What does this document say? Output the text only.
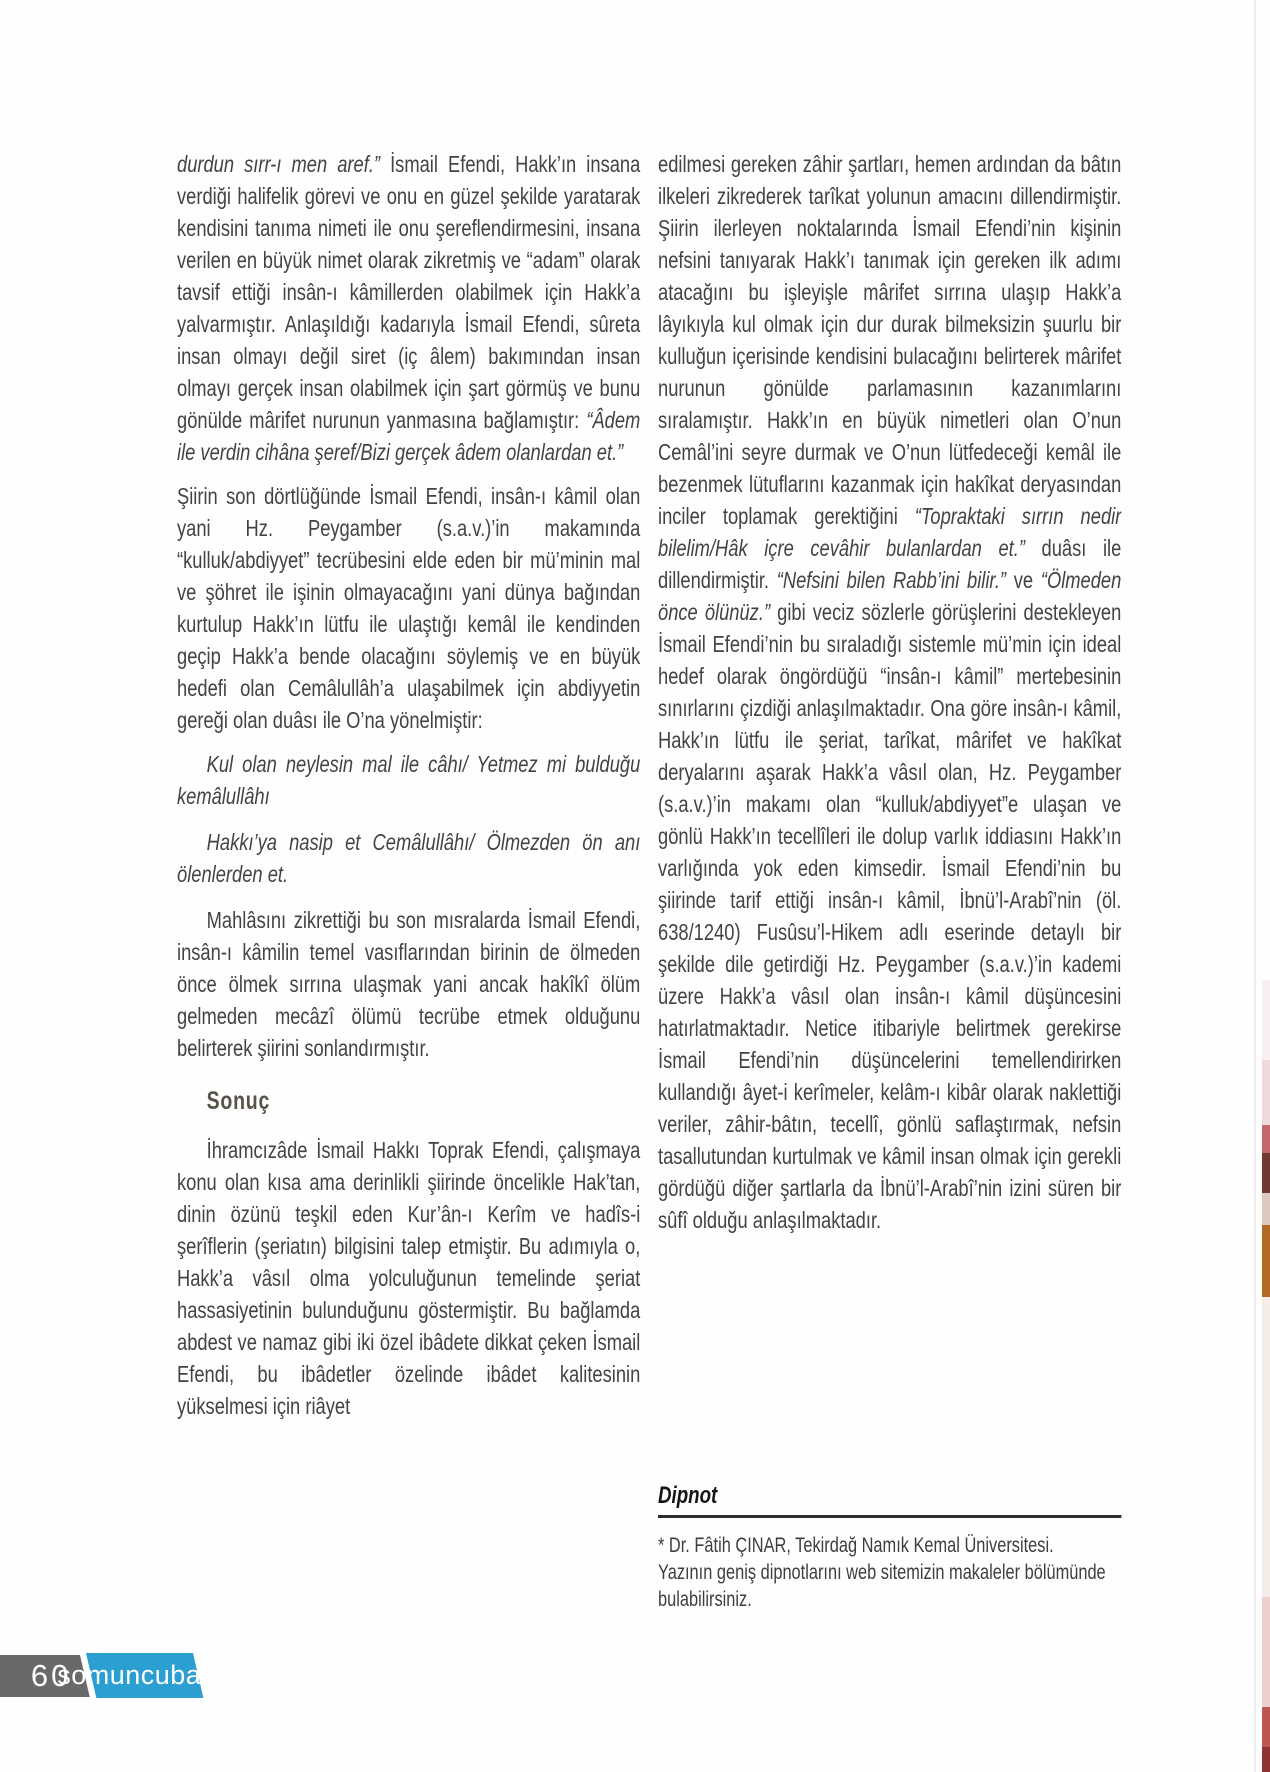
durdun sırr-ı men aref.” İsmail Efendi, Hakk’ın insana verdiği halifelik görevi ve onu en güzel şekilde yaratarak kendisini tanıma nimeti ile onu şereflendirmesini, insana verilen en büyük nimet olarak zikretmiş ve “adam” olarak tavsif ettiği insân-ı kâmillerden olabilmek için Hakk’a yalvarmıştır. Anlaşıldığı kadarıyla İsmail Efendi, sûreta insan olmayı değil siret (iç âlem) bakımından insan olmayı gerçek insan olabilmek için şart görmüş ve bunu gönülde mârifet nurunun yanmasına bağlamıştır: “Âdem ile verdin cihâna şeref/Bizi gerçek âdem olanlardan et.”

Şiirin son dörtlüğünde İsmail Efendi, insân-ı kâmil olan yani Hz. Peygamber (s.a.v.)’in makamında “kulluk/abdiyyet” tecrübesini elde eden bir mü’minin mal ve şöhret ile işinin olmayacağını yani dünya bağından kurtulup Hakk’ın lütfu ile ulaştığı kemâl ile kendinden geçip Hakk’a bende olacağını söylemiş ve en büyük hedefi olan Cemâlullâh’a ulaşabilmek için abdiyyetin gereği olan duâsı ile O’na yönelmiştir:

Kul olan neylesin mal ile câhı/ Yetmez mi bulduğu kemâlullâhı

Hakkı’ya nasip et Cemâlullâhı/ Ölmezden ön anı ölenlerden et.

Mahlâsını zikrettiği bu son mısralarda İsmail Efendi, insân-ı kâmilin temel vasıflarından birinin de ölmeden önce ölmek sırrına ulaşmak yani ancak hakîkî ölüm gelmeden mecâzî ölümü tecrübe etmek olduğunu belirterek şiirini sonlandırmıştır.

Sonuç

İhramcızâde İsmail Hakkı Toprak Efendi, çalışmaya konu olan kısa ama derinlikli şiirinde öncelikle Hak’tan, dinin özünü teşkil eden Kur’ân-ı Kerîm ve hadîs-i şerîflerin (şeriatın) bilgisini talep etmiştir. Bu adımıyla o, Hakk’a vâsıl olma yolculuğunun temelinde şeriat hassasiyetinin bulunduğunu göstermiştir. Bu bağlamda abdest ve namaz gibi iki özel ibâdete dikkat çeken İsmail Efendi, bu ibâdetler özelinde ibâdet kalitesinin yükselmesi için riâyet

edilmesi gereken zâhir şartları, hemen ardından da bâtın ilkeleri zikrederek tarîkat yolunun amacını dillendirmiştir. Şiirin ilerleyen noktalarında İsmail Efendi’nin kişinin nefsini tanıyarak Hakk’ı tanımak için gereken ilk adımı atacağını bu işleyişle mârifet sırrına ulaşıp Hakk’a lâyıkıyla kul olmak için dur durak bilmeksizin şuurlu bir kulluğun içerisinde kendisini bulacağını belirterek mârifet nurunun gönülde parlamasının kazanımlarını sıralamıştır. Hakk’ın en büyük nimetleri olan O’nun Cemâl’ini seyre durmak ve O’nun lütfedeceği kemâl ile bezenmek lütuflarını kazanmak için hakîkat deryasından inciler toplamak gerektiğini “Topraktaki sırrın nedir bilelim/Hâk içre cevâhir bulanlardan et.” duâsı ile dillendirmiştir. “Nefsini bilen Rabb’ini bilir.” ve “Ölmeden önce ölünüz.” gibi veciz sözlerle görüşlerini destekleyen İsmail Efendi’nin bu sıraladığı sistemle mü’min için ideal hedef olarak öngördüğü “insân-ı kâmil” mertebesinin sınırlarını çizdiği anlaşılmaktadır. Ona göre insân-ı kâmil, Hakk’ın lütfu ile şeriat, tarîkat, mârifet ve hakîkat deryalarını aşarak Hakk’a vâsıl olan, Hz. Peygamber (s.a.v.)’in makamı olan “kulluk/abdiyyet”e ulaşan ve gönlü Hakk’ın tecellîleri ile dolup varlık iddiasını Hakk’ın varlığında yok eden kimsedir. İsmail Efendi’nin bu şiirinde tarif ettiği insân-ı kâmil, İbnü’l-Arabî’nin (öl. 638/1240) Fusûsu’l-Hikem adlı eserinde detaylı bir şekilde dile getirdiği Hz. Peygamber (s.a.v.)’in kademi üzere Hakk’a vâsıl olan insân-ı kâmil düşüncesini hatırlatmaktadır. Netice itibariyle belirtmek gerekirse İsmail Efendi’nin düşüncelerini temellendirirken kullandığı âyet-i kerîmeler, kelâm-ı kibâr olarak naklettiği veriler, zâhir-bâtın, tecellî, gönlü saflaştırmak, nefsin tasallutundan kurtulmak ve kâmil insan olmak için gerekli gördüğü diğer şartlarla da İbnü’l-Arabî’nin izini süren bir sûfî olduğu anlaşılmaktadır.

Dipnot

* Dr. Fâtih ÇINAR, Tekirdağ Namık Kemal Üniversitesi.

Yazının geniş dipnotlarını web sitemizin makaleler bölümünde bulabilirsiniz.

60
somuncubaba
